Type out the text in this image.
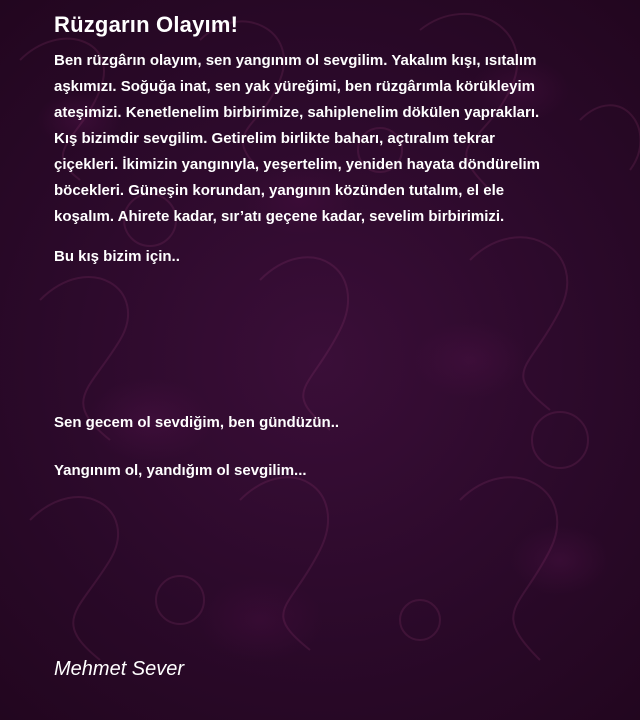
Rüzgarın Olayım!
Ben rüzgârın olayım, sen yangınım ol sevgilim. Yakalım kışı, ısıtalım
aşkımızı. Soğuğa inat, sen yak yüreğimi, ben rüzgârımla körükleyim
ateşimizi. Kenetlenelim birbirimize, sahiplenelim dökülen yaprakları.
Kış bizimdir sevgilim. Getirelim birlikte baharı, açtıralım tekrar
çiçekleri. İkimizin yangınıyla, yeşertelim, yeniden hayata döndürelim
böcekleri. Güneşin korundan, yangının közünden tutalım, el ele
koşalım. Ahirete kadar, sır’atı geçene kadar, sevelim birbirimizi.
Bu kış bizim için..
Sen gecem ol sevdiğim, ben gündüzün..
Yangınım ol, yandığım ol sevgilim...
Mehmet Sever
